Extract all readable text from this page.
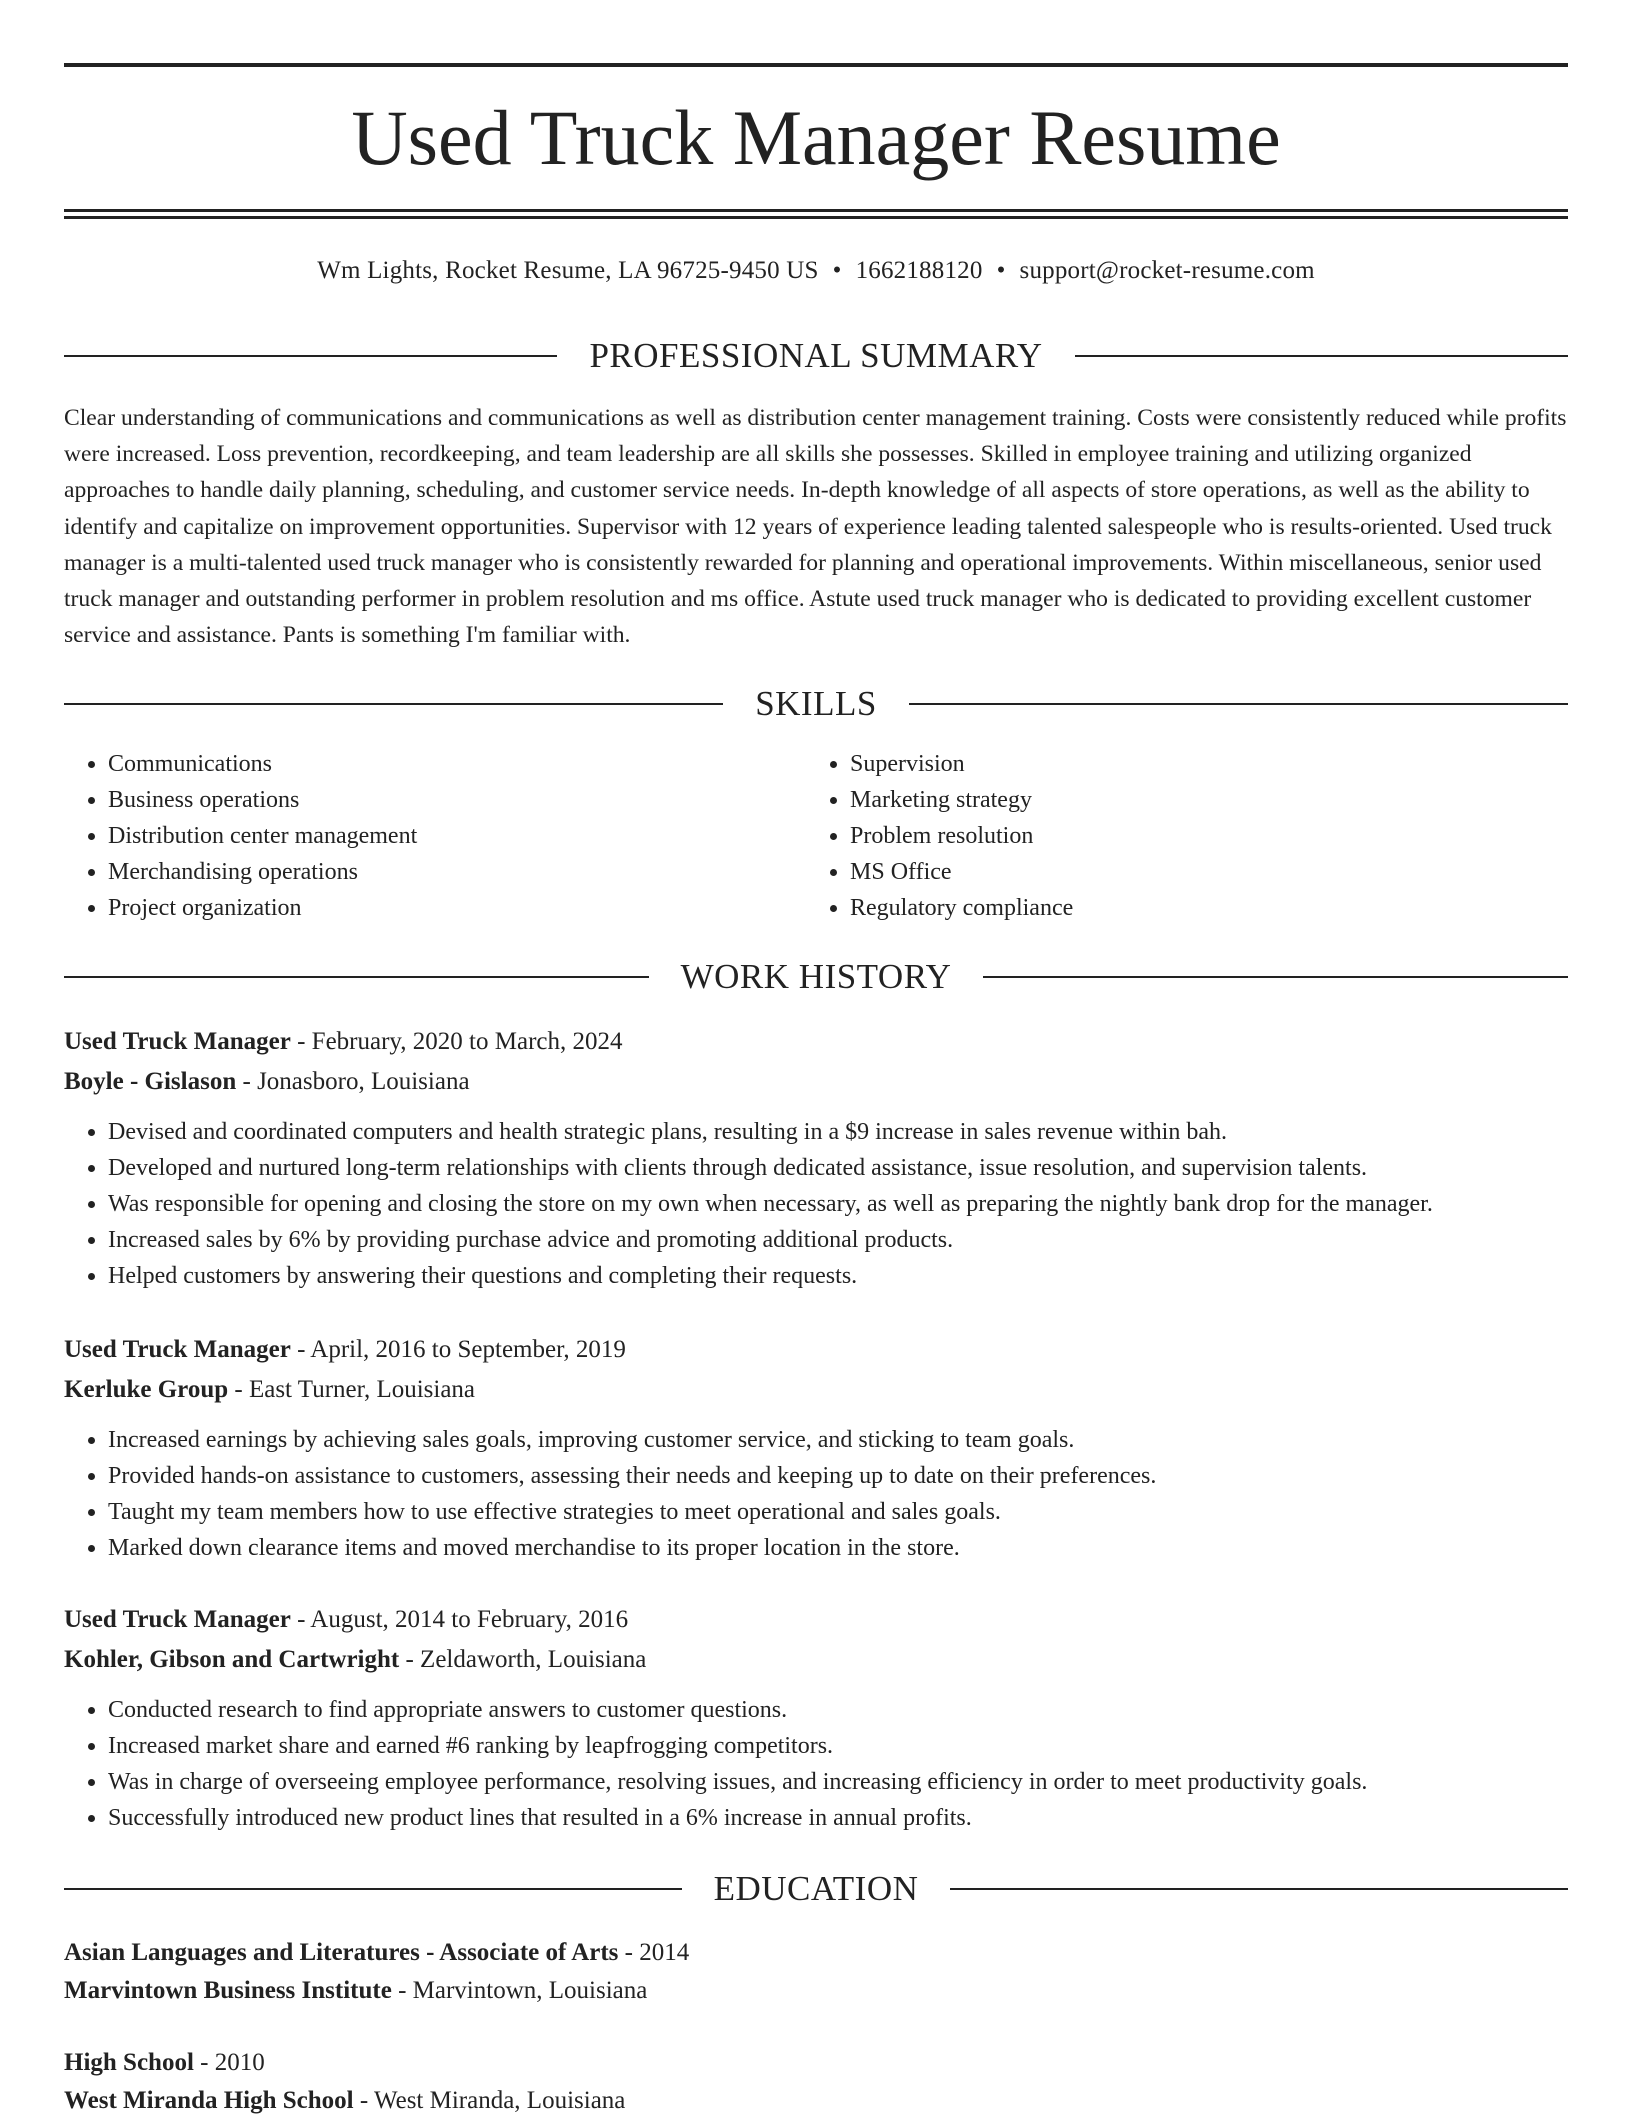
Used Truck Manager Resume
Wm Lights, Rocket Resume, LA 96725-9450 US • 1662188120 • support@rocket-resume.com
PROFESSIONAL SUMMARY

Clear understanding of communications and communications as well as distribution center management training. Costs were consistently reduced while profits were increased. Loss prevention, recordkeeping, and team leadership are all skills she possesses. Skilled in employee training and utilizing organized approaches to handle daily planning, scheduling, and customer service needs. In-depth knowledge of all aspects of store operations, as well as the ability to identify and capitalize on improvement opportunities. Supervisor with 12 years of experience leading talented salespeople who is results-oriented. Used truck manager is a multi-talented used truck manager who is consistently rewarded for planning and operational improvements. Within miscellaneous, senior used truck manager and outstanding performer in problem resolution and ms office. Astute used truck manager who is dedicated to providing excellent customer service and assistance. Pants is something I'm familiar with.

SKILLS
• Communications
• Business operations
• Distribution center management
• Merchandising operations
• Project organization
• Supervision
• Marketing strategy
• Problem resolution
• MS Office
• Regulatory compliance
WORK HISTORY
Used Truck Manager - February, 2020 to March, 2024
Boyle - Gislason - Jonasboro, Louisiana
• Devised and coordinated computers and health strategic plans, resulting in a $9 increase in sales revenue within bah.
• Developed and nurtured long-term relationships with clients through dedicated assistance, issue resolution, and supervision talents.
• Was responsible for opening and closing the store on my own when necessary, as well as preparing the nightly bank drop for the manager.
• Increased sales by 6% by providing purchase advice and promoting additional products.
• Helped customers by answering their questions and completing their requests.
Used Truck Manager - April, 2016 to September, 2019
Kerluke Group - East Turner, Louisiana
• Increased earnings by achieving sales goals, improving customer service, and sticking to team goals.
• Provided hands-on assistance to customers, assessing their needs and keeping up to date on their preferences.
• Taught my team members how to use effective strategies to meet operational and sales goals.
• Marked down clearance items and moved merchandise to its proper location in the store.
Used Truck Manager - August, 2014 to February, 2016
Kohler, Gibson and Cartwright - Zeldaworth, Louisiana
• Conducted research to find appropriate answers to customer questions.
• Increased market share and earned #6 ranking by leapfrogging competitors.
• Was in charge of overseeing employee performance, resolving issues, and increasing efficiency in order to meet productivity goals.
• Successfully introduced new product lines that resulted in a 6% increase in annual profits.
EDUCATION
Asian Languages and Literatures - Associate of Arts - 2014
Marvintown Business Institute - Marvintown, Louisiana
High School - 2010
West Miranda High School - West Miranda, Louisiana
